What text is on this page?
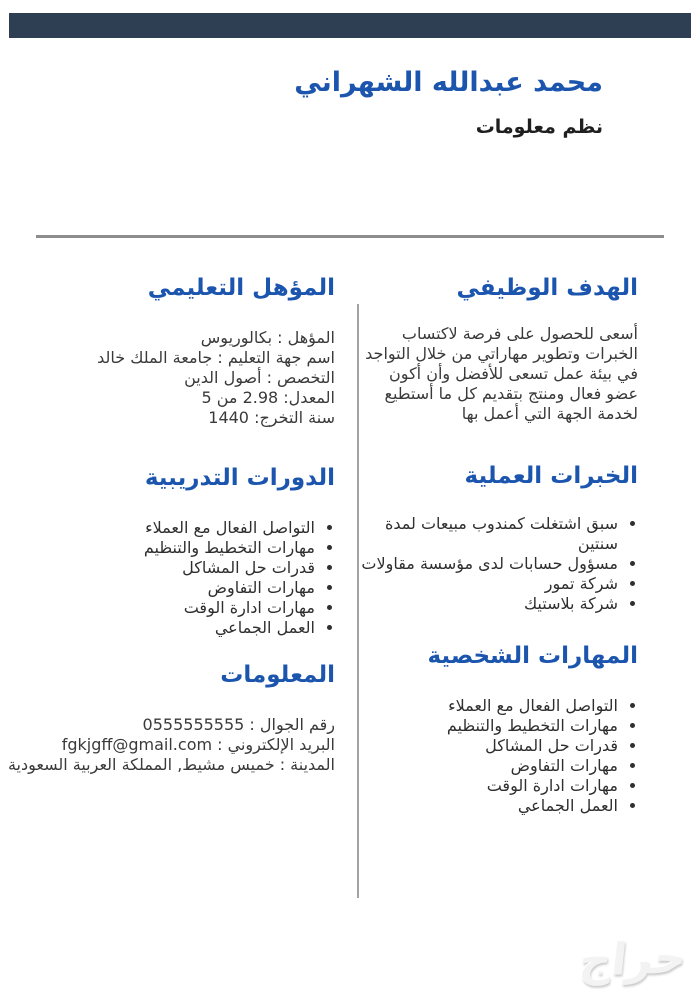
محمد عبدالله الشهراني
نظم معلومات
الهدف الوظيفي
أسعى للحصول على فرصة لاكتساب الخبرات وتطوير مهاراتي من خلال التواجد في بيئة عمل تسعى للأفضل وأن أكون عضو فعال ومنتج بتقديم كل ما أستطيع لخدمة الجهة التي أعمل بها
الخبرات العملية
• سبق اشتغلت كمندوب مبيعات لمدة سنتين
• مسؤول حسابات لدى مؤسسة مقاولات
• شركة تمور
• شركة بلاستيك
المهارات الشخصية
• التواصل الفعال مع العملاء
• مهارات التخطيط والتنظيم
• قدرات حل المشاكل
• مهارات التفاوض
• مهارات ادارة الوقت
• العمل الجماعي
المؤهل التعليمي
المؤهل : بكالوريوس
اسم جهة التعليم : جامعة الملك خالد
التخصص : أصول الدين
المعدل: 2.98 من 5
سنة التخرج: 1440
الدورات التدريبية
• التواصل الفعال مع العملاء
• مهارات التخطيط والتنظيم
• قدرات حل المشاكل
• مهارات التفاوض
• مهارات ادارة الوقت
• العمل الجماعي
المعلومات
رقم الجوال : 0555555555
البريد الإلكتروني : fgkjgff@gmail.com
المدينة : خميس مشيط, المملكة العربية السعودية
حراج
